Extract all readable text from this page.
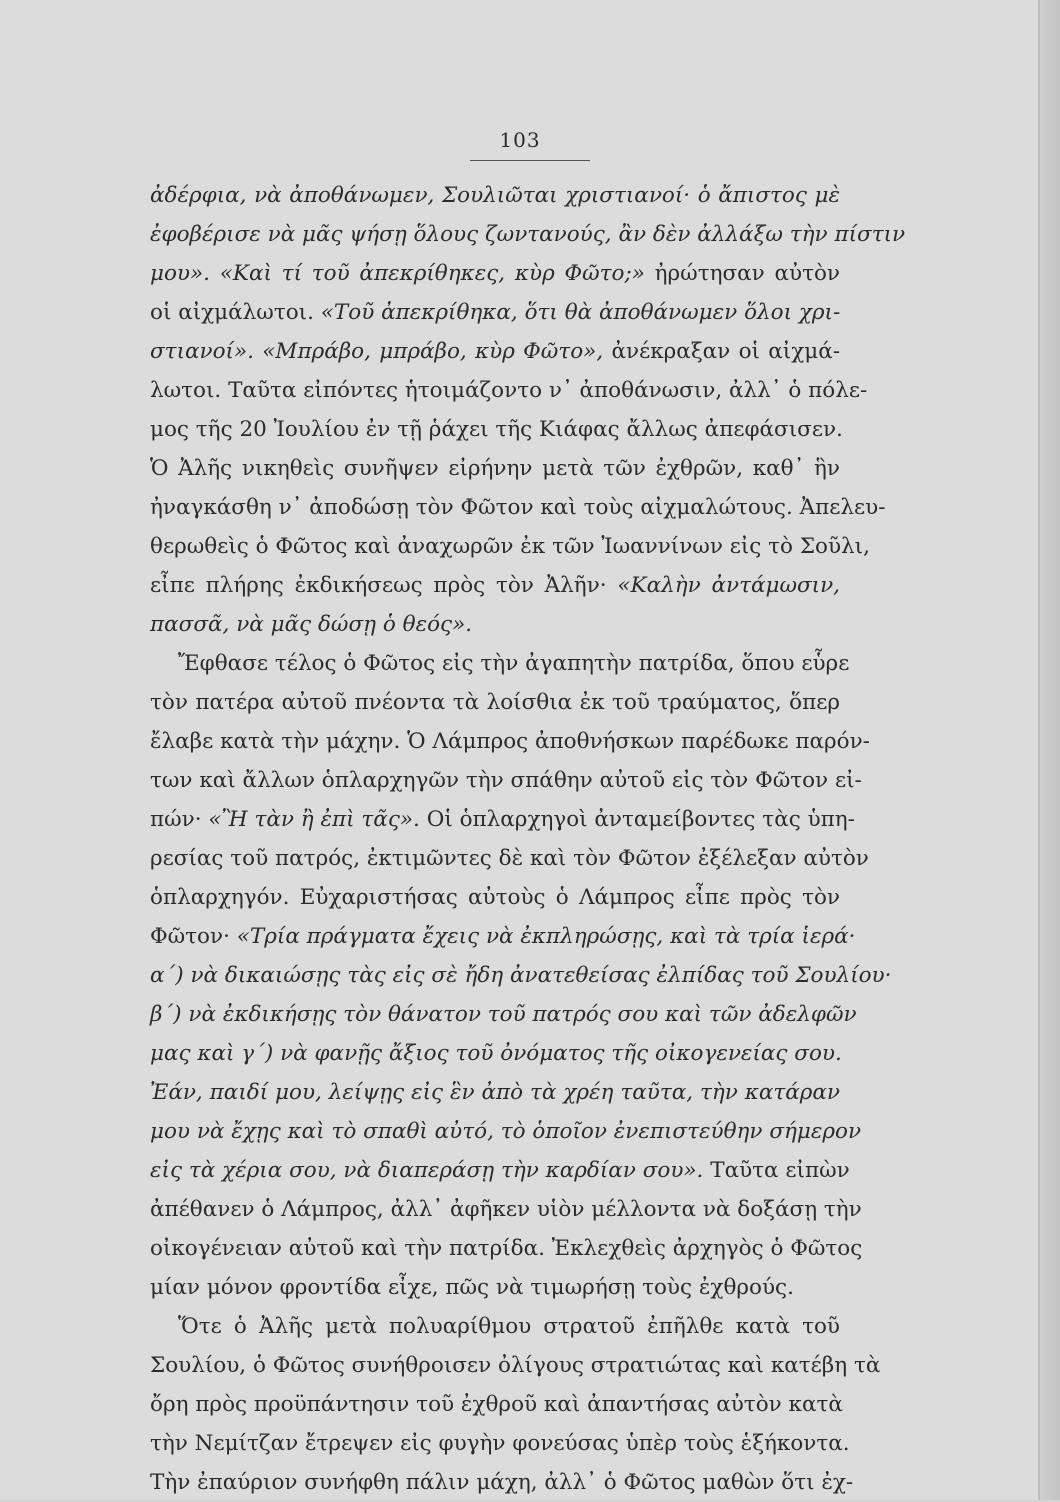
103
ἀδέρφια, νὰ ἀποθάνωμεν, Σουλιῶται χριστιανοί· ὁ ἄπιστος μὲ
ἐφοβέρισε νὰ μᾶς ψήσῃ ὅλους ζωντανούς, ἂν δὲν ἀλλάξω τὴν πίστιν
μου». «Καὶ τί τοῦ ἀπεκρίθηκες, κὺρ Φῶτο;» ἠρώτησαν αὐτὸν
οἱ αἰχμάλωτοι. «Τοῦ ἀπεκρίθηκα, ὅτι θὰ ἀποθάνωμεν ὅλοι χρι-
στιανοί». «Μπράβο, μπράβο, κὺρ Φῶτο», ἀνέκραξαν οἱ αἰχμά-
λωτοι. Ταῦτα εἰπόντες ἡτοιμάζοντο ν᾽ ἀποθάνωσιν, ἀλλ᾽ ὁ πόλε-
μος τῆς 20 Ἰουλίου ἐν τῇ ῥάχει τῆς Κιάφας ἄλλως ἀπεφάσισεν.
Ὁ Ἀλῆς νικηθεὶς συνῆψεν εἰρήνην μετὰ τῶν ἐχθρῶν, καθ᾽ ἣν
ἠναγκάσθη ν᾽ ἀποδώσῃ τὸν Φῶτον καὶ τοὺς αἰχμαλώτους. Ἀπελευ-
θερωθεὶς ὁ Φῶτος καὶ ἀναχωρῶν ἐκ τῶν Ἰωαννίνων εἰς τὸ Σοῦλι,
εἶπε πλήρης ἐκδικήσεως πρὸς τὸν Ἀλῆν· «Καλὴν ἀντάμωσιν,
πασσᾶ, νὰ μᾶς δώσῃ ὁ θεός».
Ἔφθασε τέλος ὁ Φῶτος εἰς τὴν ἀγαπητὴν πατρίδα, ὅπου εὗρε
τὸν πατέρα αὐτοῦ πνέοντα τὰ λοίσθια ἐκ τοῦ τραύματος, ὅπερ
ἔλαβε κατὰ τὴν μάχην. Ὁ Λάμπρος ἀποθνήσκων παρέδωκε παρόν-
των καὶ ἄλλων ὁπλαρχηγῶν τὴν σπάθην αὐτοῦ εἰς τὸν Φῶτον εἰ-
πών· «Ἢ τὰν ἢ ἐπὶ τᾶς». Οἱ ὁπλαρχηγοὶ ἀνταμείβοντες τὰς ὑπη-
ρεσίας τοῦ πατρός, ἐκτιμῶντες δὲ καὶ τὸν Φῶτον ἐξέλεξαν αὐτὸν
ὁπλαρχηγόν. Εὐχαριστήσας αὐτοὺς ὁ Λάμπρος εἶπε πρὸς τὸν
Φῶτον· «Τρία πράγματα ἔχεις νὰ ἐκπληρώσῃς, καὶ τὰ τρία ἱερά·
α΄) νὰ δικαιώσῃς τὰς εἰς σὲ ἤδη ἀνατεθείσας ἐλπίδας τοῦ Σουλίου·
β΄) νὰ ἐκδικήσῃς τὸν θάνατον τοῦ πατρός σου καὶ τῶν ἀδελφῶν
μας καὶ γ΄) νὰ φανῇς ἄξιος τοῦ ὀνόματος τῆς οἰκογενείας σου.
Ἐάν, παιδί μου, λείψῃς εἰς ἓν ἀπὸ τὰ χρέη ταῦτα, τὴν κατάραν
μου νὰ ἔχῃς καὶ τὸ σπαθὶ αὐτό, τὸ ὁποῖον ἐνεπιστεύθην σήμερον
εἰς τὰ χέρια σου, νὰ διαπεράσῃ τὴν καρδίαν σου». Ταῦτα εἰπὼν
ἀπέθανεν ὁ Λάμπρος, ἀλλ᾽ ἀφῆκεν υἱὸν μέλλοντα νὰ δοξάσῃ τὴν
οἰκογένειαν αὐτοῦ καὶ τὴν πατρίδα. Ἐκλεχθεὶς ἀρχηγὸς ὁ Φῶτος
μίαν μόνον φροντίδα εἶχε, πῶς νὰ τιμωρήσῃ τοὺς ἐχθρούς.
Ὅτε ὁ Ἀλῆς μετὰ πολυαρίθμου στρατοῦ ἐπῆλθε κατὰ τοῦ
Σουλίου, ὁ Φῶτος συνήθροισεν ὀλίγους στρατιώτας καὶ κατέβη τὰ
ὄρη πρὸς προϋπάντησιν τοῦ ἐχθροῦ καὶ ἀπαντήσας αὐτὸν κατὰ
τὴν Νεμίτζαν ἔτρεψεν εἰς φυγὴν φονεύσας ὑπὲρ τοὺς ἑξήκοντα.
Τὴν ἐπαύριον συνήφθη πάλιν μάχη, ἀλλ᾽ ὁ Φῶτος μαθὼν ὅτι ἐχ-
